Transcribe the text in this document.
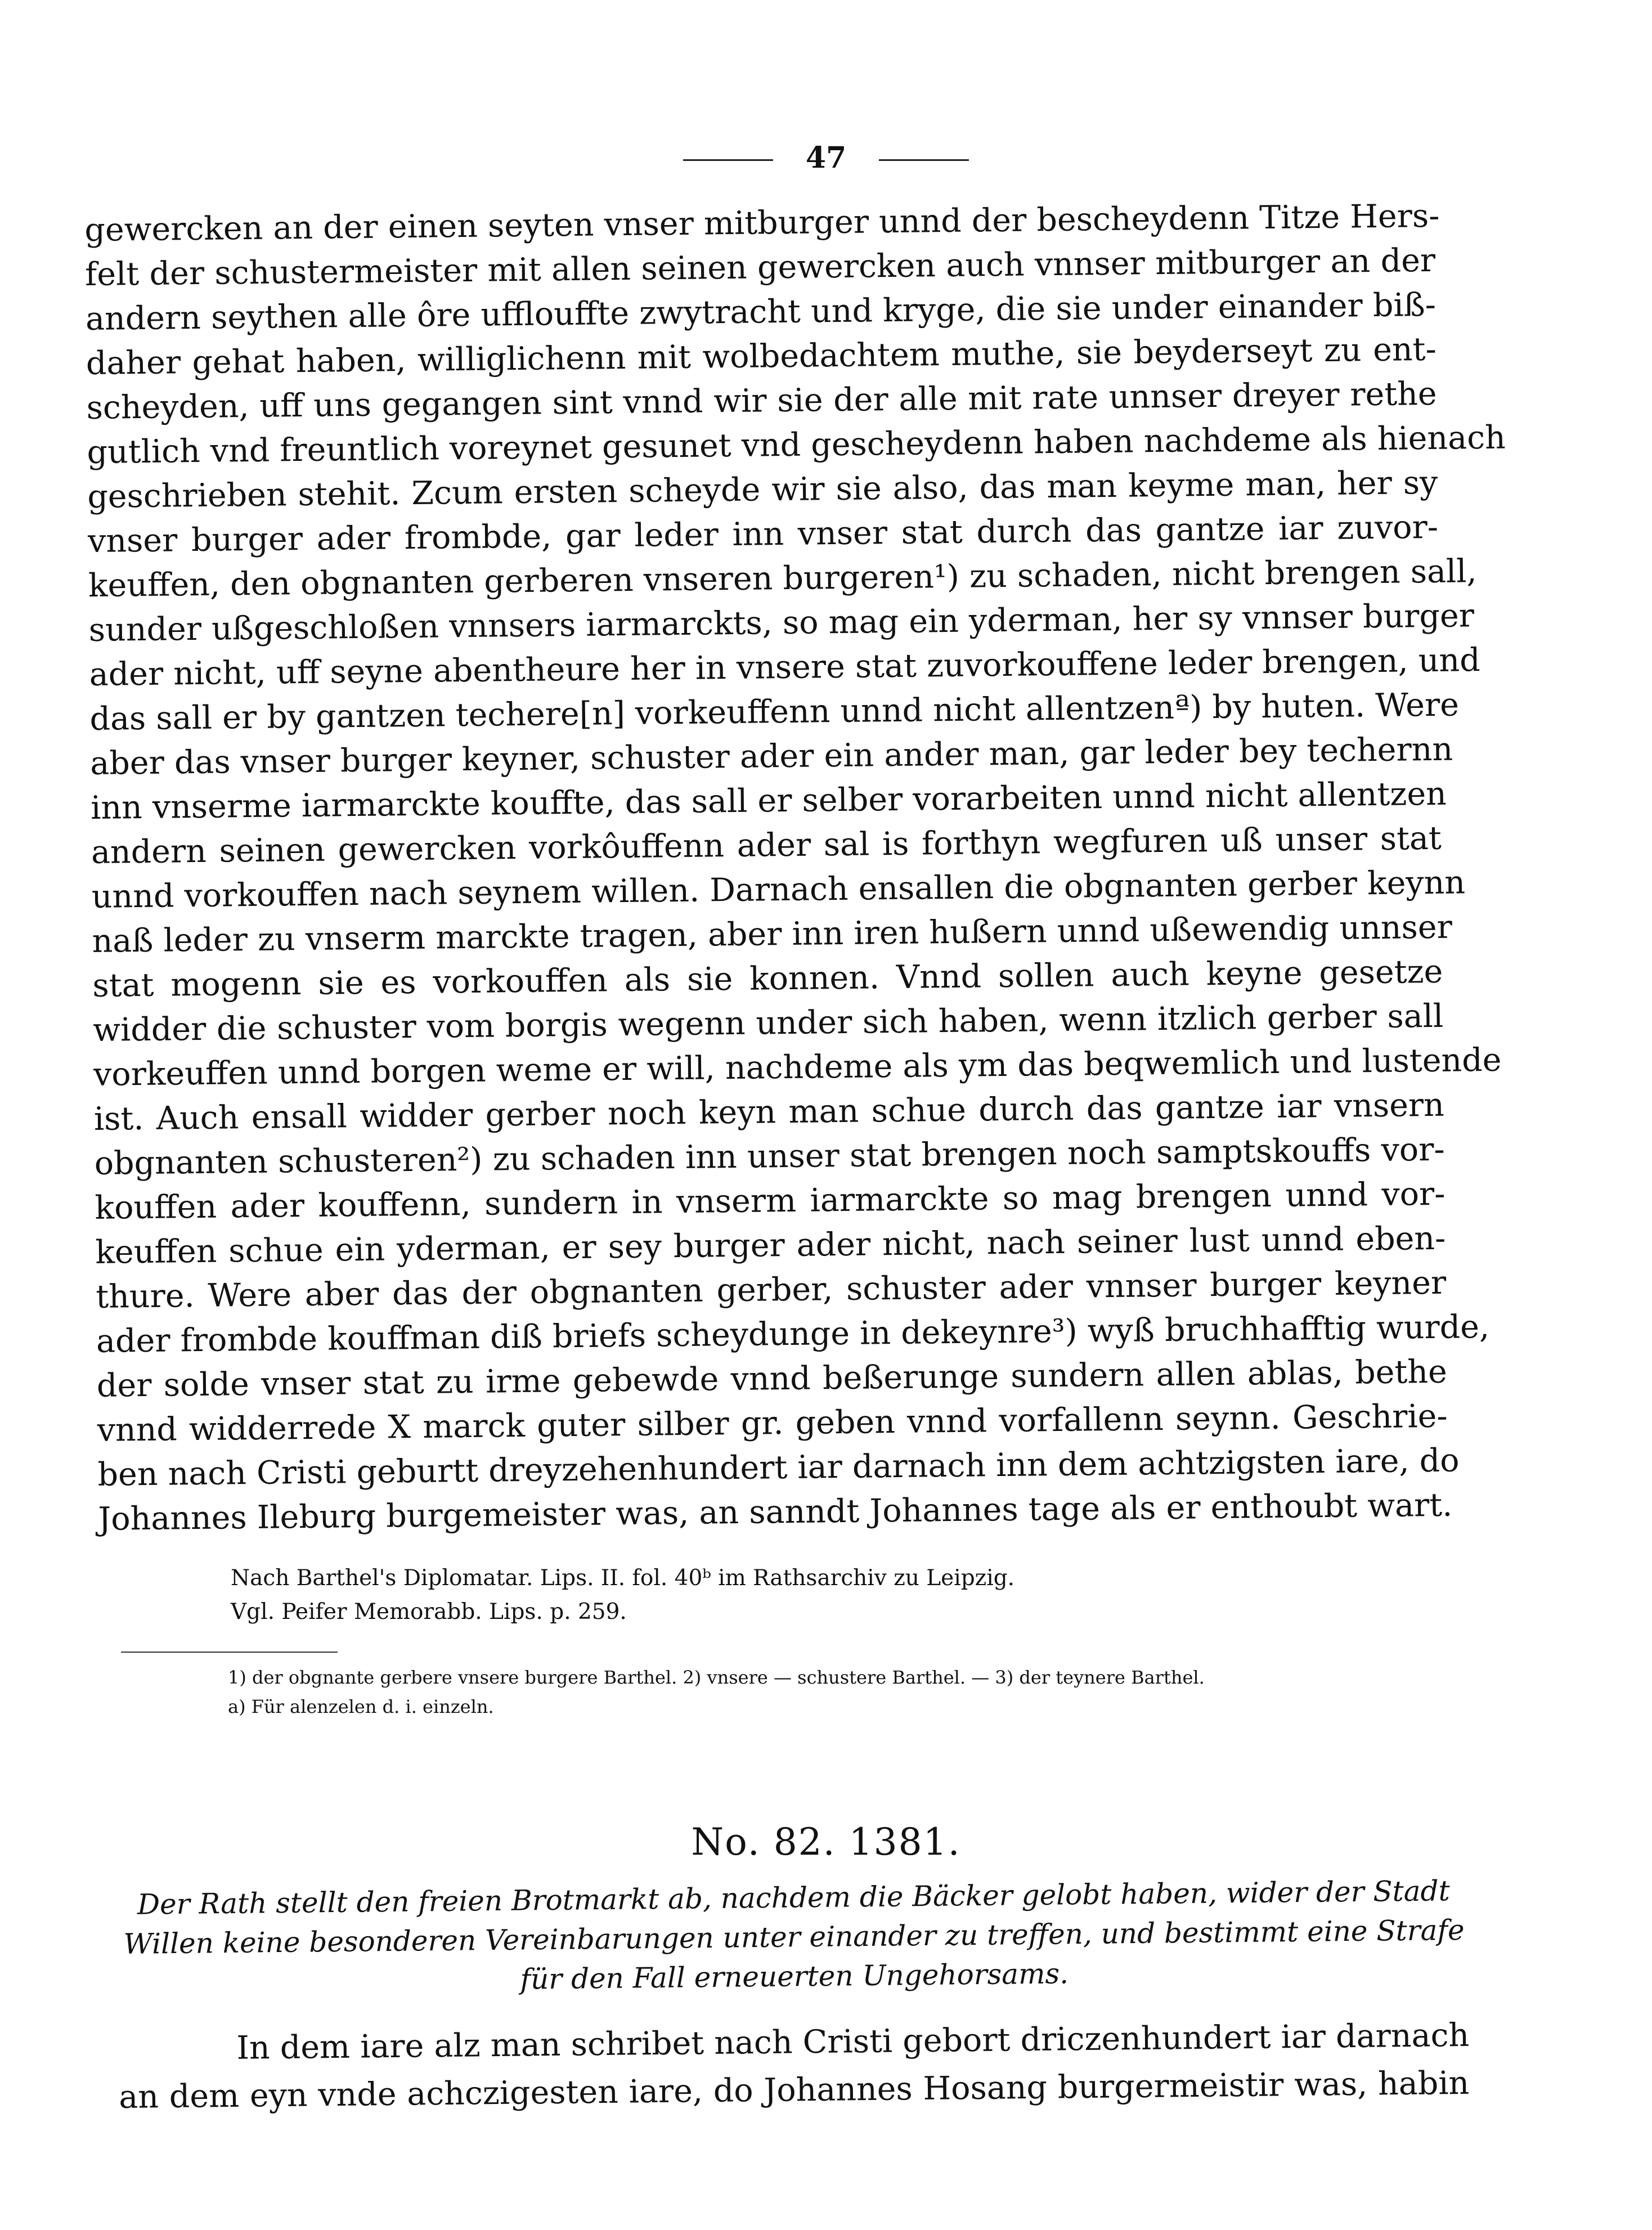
47
gewercken an der einen seyten vnser mitburger unnd der bescheydenn Titze Hers-
felt der schustermeister mit allen seinen gewercken auch vnnser mitburger an der
andern seythen alle ôre ufflouffte zwytracht und kryge, die sie under einander biß-
daher gehat haben, williglichenn mit wolbedachtem muthe, sie beyderseyt zu ent-
scheyden, uff uns gegangen sint vnnd wir sie der alle mit rate unnser dreyer rethe
gutlich vnd freuntlich voreynet gesunet vnd gescheydenn haben nachdeme als hienach
geschrieben stehit. Zcum ersten scheyde wir sie also, das man keyme man, her sy
vnser burger ader frombde, gar leder inn vnser stat durch das gantze iar zuvor-
keuffen, den obgnanten gerberen vnseren burgeren¹) zu schaden, nicht brengen sall,
sunder ußgeschloßen vnnsers iarmarckts, so mag ein yderman, her sy vnnser burger
ader nicht, uff seyne abentheure her in vnsere stat zuvorkouffene leder brengen, und
das sall er by gantzen techere[n] vorkeuffenn unnd nicht allentzenª) by huten. Were
aber das vnser burger keyner, schuster ader ein ander man, gar leder bey techernn
inn vnserme iarmarckte kouffte, das sall er selber vorarbeiten unnd nicht allentzen
andern seinen gewercken vorkôuffenn ader sal is forthyn wegfuren uß unser stat
unnd vorkouffen nach seynem willen. Darnach ensallen die obgnanten gerber keynn
naß leder zu vnserm marckte tragen, aber inn iren hußern unnd ußewendig unnser
stat mogenn sie es vorkouffen als sie konnen. Vnnd sollen auch keyne gesetze
widder die schuster vom borgis wegenn under sich haben, wenn itzlich gerber sall
vorkeuffen unnd borgen weme er will, nachdeme als ym das beqwemlich und lustende
ist. Auch ensall widder gerber noch keyn man schue durch das gantze iar vnsern
obgnanten schusteren²) zu schaden inn unser stat brengen noch samptskouffs vor-
kouffen ader kouffenn, sundern in vnserm iarmarckte so mag brengen unnd vor-
keuffen schue ein yderman, er sey burger ader nicht, nach seiner lust unnd eben-
thure. Were aber das der obgnanten gerber, schuster ader vnnser burger keyner
ader frombde kouffman diß briefs scheydunge in dekeynre³) wyß bruchhafftig wurde,
der solde vnser stat zu irme gebewde vnnd beßerunge sundern allen ablas, bethe
vnnd widderrede X marck guter silber gr. geben vnnd vorfallenn seynn. Geschrie-
ben nach Cristi geburtt dreyzehenhundert iar darnach inn dem achtzigsten iare, do
Johannes Ileburg burgemeister was, an sanndt Johannes tage als er enthoubt wart.
Nach Barthel's Diplomatar. Lips. II. fol. 40ᵇ im Rathsarchiv zu Leipzig.
Vgl. Peifer Memorabb. Lips. p. 259.
1) der obgnante gerbere vnsere burgere Barthel. 2) vnsere — schustere Barthel. — 3) der teynere Barthel.
a) Für alenzelen d. i. einzeln.
No. 82. 1381.
Der Rath stellt den freien Brotmarkt ab, nachdem die Bäcker gelobt haben, wider der Stadt Willen keine besonderen Vereinbarungen unter einander zu treffen, und bestimmt eine Strafe für den Fall erneuerten Ungehorsams.
In dem iare alz man schribet nach Cristi gebort driczenhundert iar darnach
an dem eyn vnde achczigesten iare, do Johannes Hosang burgermeistir was, habin
